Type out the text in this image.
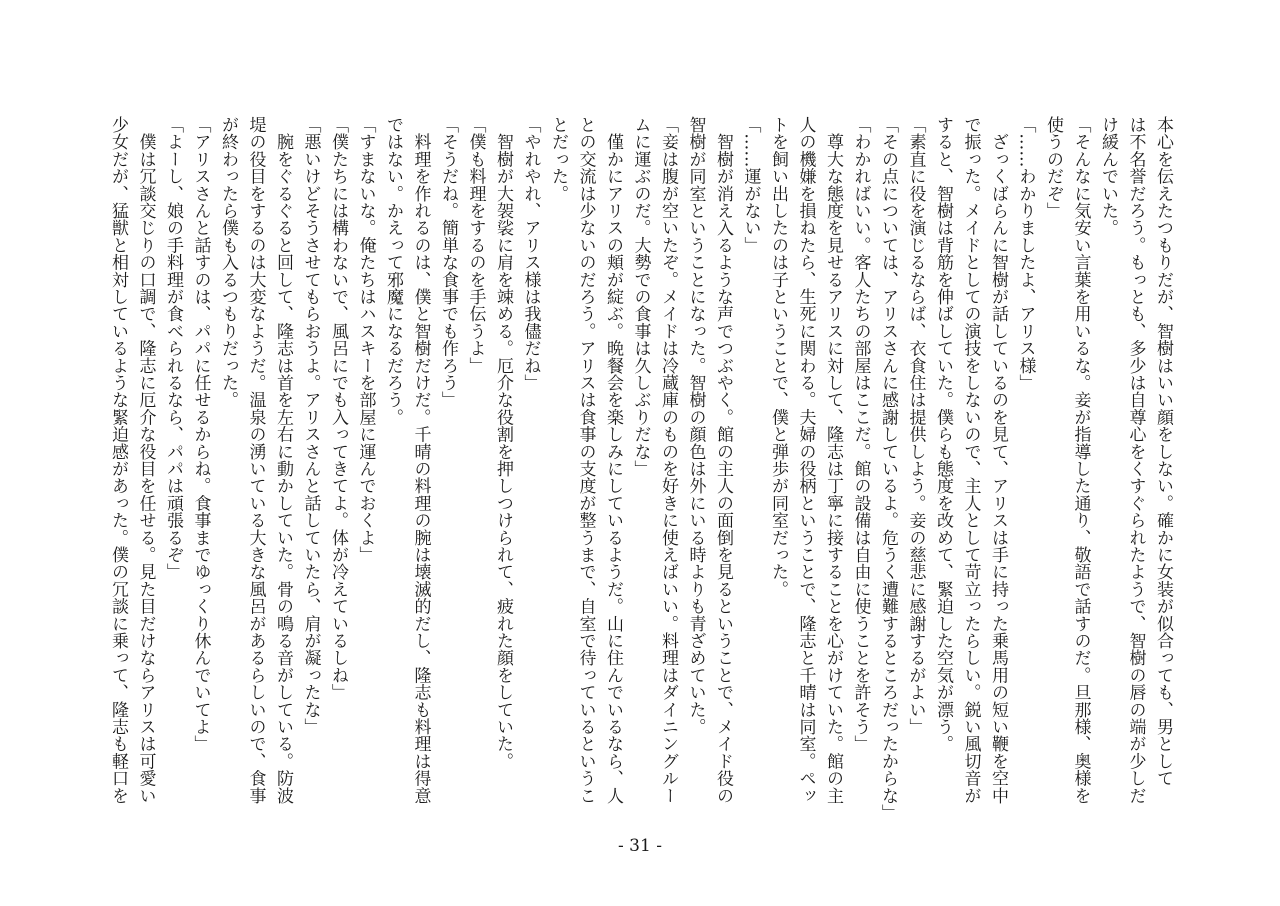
本心を伝えたつもりだが、智樹はいい顔をしない。確かに女装が似合っても、男として
は不名誉だろう。もっとも、多少は自尊心をくすぐられたようで、智樹の唇の端が少しだ
け緩んでいた。
「そんなに気安い言葉を用いるな。妾が指導した通り、敬語で話すのだ。旦那様、奥様を
使うのだぞ」
「……わかりましたよ、アリス様」
　ざっくばらんに智樹が話しているのを見て、アリスは手に持った乗馬用の短い鞭を空中
で振った。メイドとしての演技をしないので、主人として苛立ったらしい。鋭い風切音が
すると、智樹は背筋を伸ばしていた。僕らも態度を改めて、緊迫した空気が漂う。
「素直に役を演じるならば、衣食住は提供しよう。妾の慈悲に感謝するがよい」
「その点については、アリスさんに感謝しているよ。危うく遭難するところだったからな」
「わかればいい。客人たちの部屋はここだ。館の設備は自由に使うことを許そう」
　尊大な態度を見せるアリスに対して、隆志は丁寧に接することを心がけていた。館の主
人の機嫌を損ねたら、生死に関わる。夫婦の役柄ということで、隆志と千晴は同室。ペッ
トを飼い出したのは子ということで、僕と弾歩が同室だった。
「……運がない」
　智樹が消え入るような声でつぶやく。館の主人の面倒を見るということで、メイド役の
智樹が同室ということになった。智樹の顔色は外にいる時よりも青ざめていた。
「妾は腹が空いたぞ。メイドは冷蔵庫のものを好きに使えばいい。料理はダイニングルー
ムに運ぶのだ。大勢での食事は久しぶりだな」
　僅かにアリスの頬が綻ぶ。晩餐会を楽しみにしているようだ。山に住んでいるなら、人
との交流は少ないのだろう。アリスは食事の支度が整うまで、自室で待っているというこ
とだった。
「やれやれ、アリス様は我儘だね」
　智樹が大袈裟に肩を竦める。厄介な役割を押しつけられて、疲れた顔をしていた。
「僕も料理をするのを手伝うよ」
「そうだね。簡単な食事でも作ろう」
　料理を作れるのは、僕と智樹だけだ。千晴の料理の腕は壊滅的だし、隆志も料理は得意
ではない。かえって邪魔になるだろう。
「すまないな。俺たちはハスキーを部屋に運んでおくよ」
「僕たちには構わないで、風呂にでも入ってきてよ。体が冷えているしね」
「悪いけどそうさせてもらおうよ。アリスさんと話していたら、肩が凝ったな」
　腕をぐるぐると回して、隆志は首を左右に動かしていた。骨の鳴る音がしている。防波
堤の役目をするのは大変なようだ。温泉の湧いている大きな風呂があるらしいので、食事
が終わったら僕も入るつもりだった。
「アリスさんと話すのは、パパに任せるからね。食事までゆっくり休んでいてよ」
「よーし、娘の手料理が食べられるなら、パパは頑張るぞ」
　僕は冗談交じりの口調で、隆志に厄介な役目を任せる。見た目だけならアリスは可愛い
少女だが、猛獣と相対しているような緊迫感があった。僕の冗談に乗って、隆志も軽口を
- 31 -
